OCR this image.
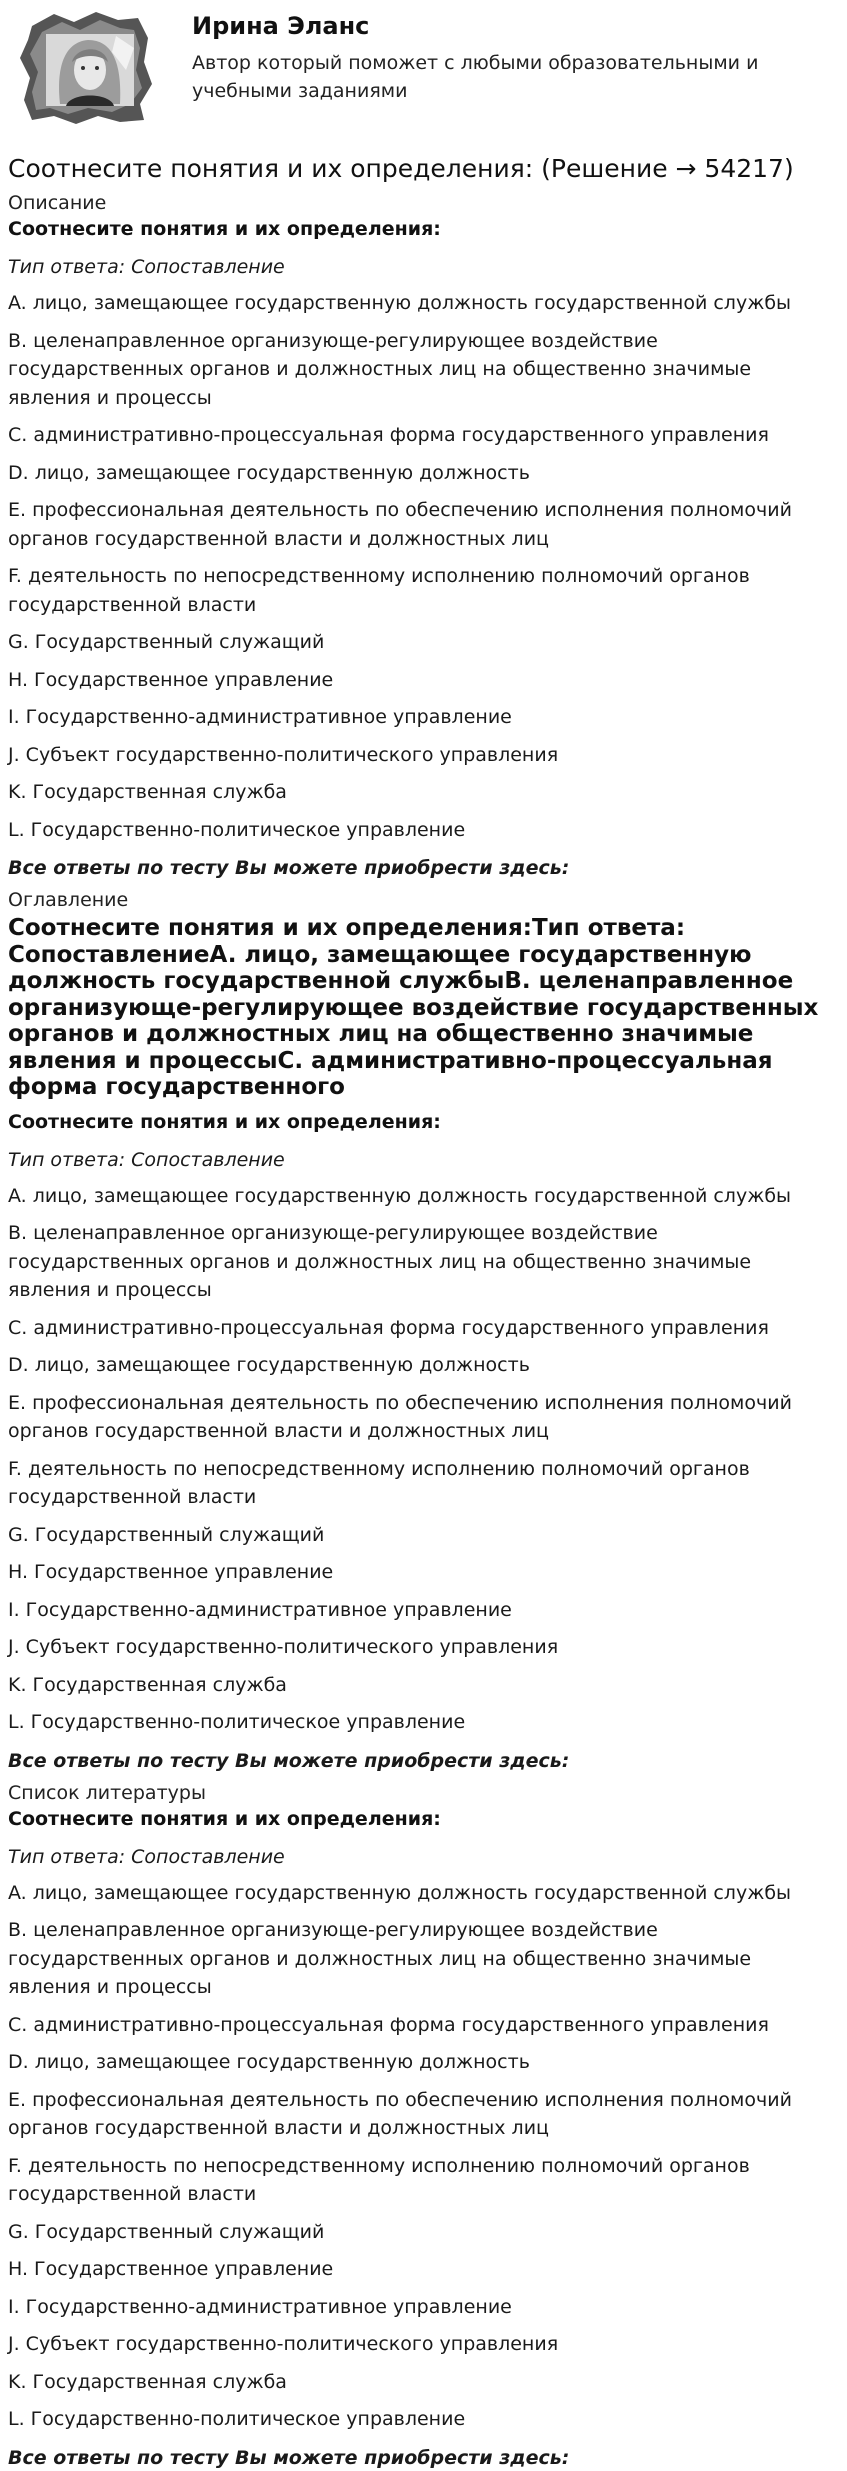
Ирина Эланс
Автор который поможет с любыми образовательными и учебными заданиями
Соотнесите понятия и их определения: (Решение → 54217)
Описание
Соотнесите понятия и их определения:
Тип ответа: Сопоставление
A. лицо, замещающее государственную должность государственной службы
B. целенаправленное организующе-регулирующее воздействие государственных органов и должностных лиц на общественно значимые явления и процессы
C. административно-процессуальная форма государственного управления
D. лицо, замещающее государственную должность
E. профессиональная деятельность по обеспечению исполнения полномочий органов государственной власти и должностных лиц
F. деятельность по непосредственному исполнению полномочий органов государственной власти
G. Государственный служащий
H. Государственное управление
I. Государственно-административное управление
J. Субъект государственно-политического управления
K. Государственная служба
L. Государственно-политическое управление
Все ответы по тесту Вы можете приобрести здесь:
Оглавление
Соотнесите понятия и их определения:Тип ответа: СопоставлениеA. лицо, замещающее государственную должность государственной службыB. целенаправленное организующе-регулирующее воздействие государственных органов и должностных лиц на общественно значимые явления и процессыC. административно-процессуальная форма государственного
Соотнесите понятия и их определения:
Тип ответа: Сопоставление
A. лицо, замещающее государственную должность государственной службы
B. целенаправленное организующе-регулирующее воздействие государственных органов и должностных лиц на общественно значимые явления и процессы
C. административно-процессуальная форма государственного управления
D. лицо, замещающее государственную должность
E. профессиональная деятельность по обеспечению исполнения полномочий органов государственной власти и должностных лиц
F. деятельность по непосредственному исполнению полномочий органов государственной власти
G. Государственный служащий
H. Государственное управление
I. Государственно-административное управление
J. Субъект государственно-политического управления
K. Государственная служба
L. Государственно-политическое управление
Все ответы по тесту Вы можете приобрести здесь:
Список литературы
Соотнесите понятия и их определения:
Тип ответа: Сопоставление
A. лицо, замещающее государственную должность государственной службы
B. целенаправленное организующе-регулирующее воздействие государственных органов и должностных лиц на общественно значимые явления и процессы
C. административно-процессуальная форма государственного управления
D. лицо, замещающее государственную должность
E. профессиональная деятельность по обеспечению исполнения полномочий органов государственной власти и должностных лиц
F. деятельность по непосредственному исполнению полномочий органов государственной власти
G. Государственный служащий
H. Государственное управление
I. Государственно-административное управление
J. Субъект государственно-политического управления
K. Государственная служба
L. Государственно-политическое управление
Все ответы по тесту Вы можете приобрести здесь:
